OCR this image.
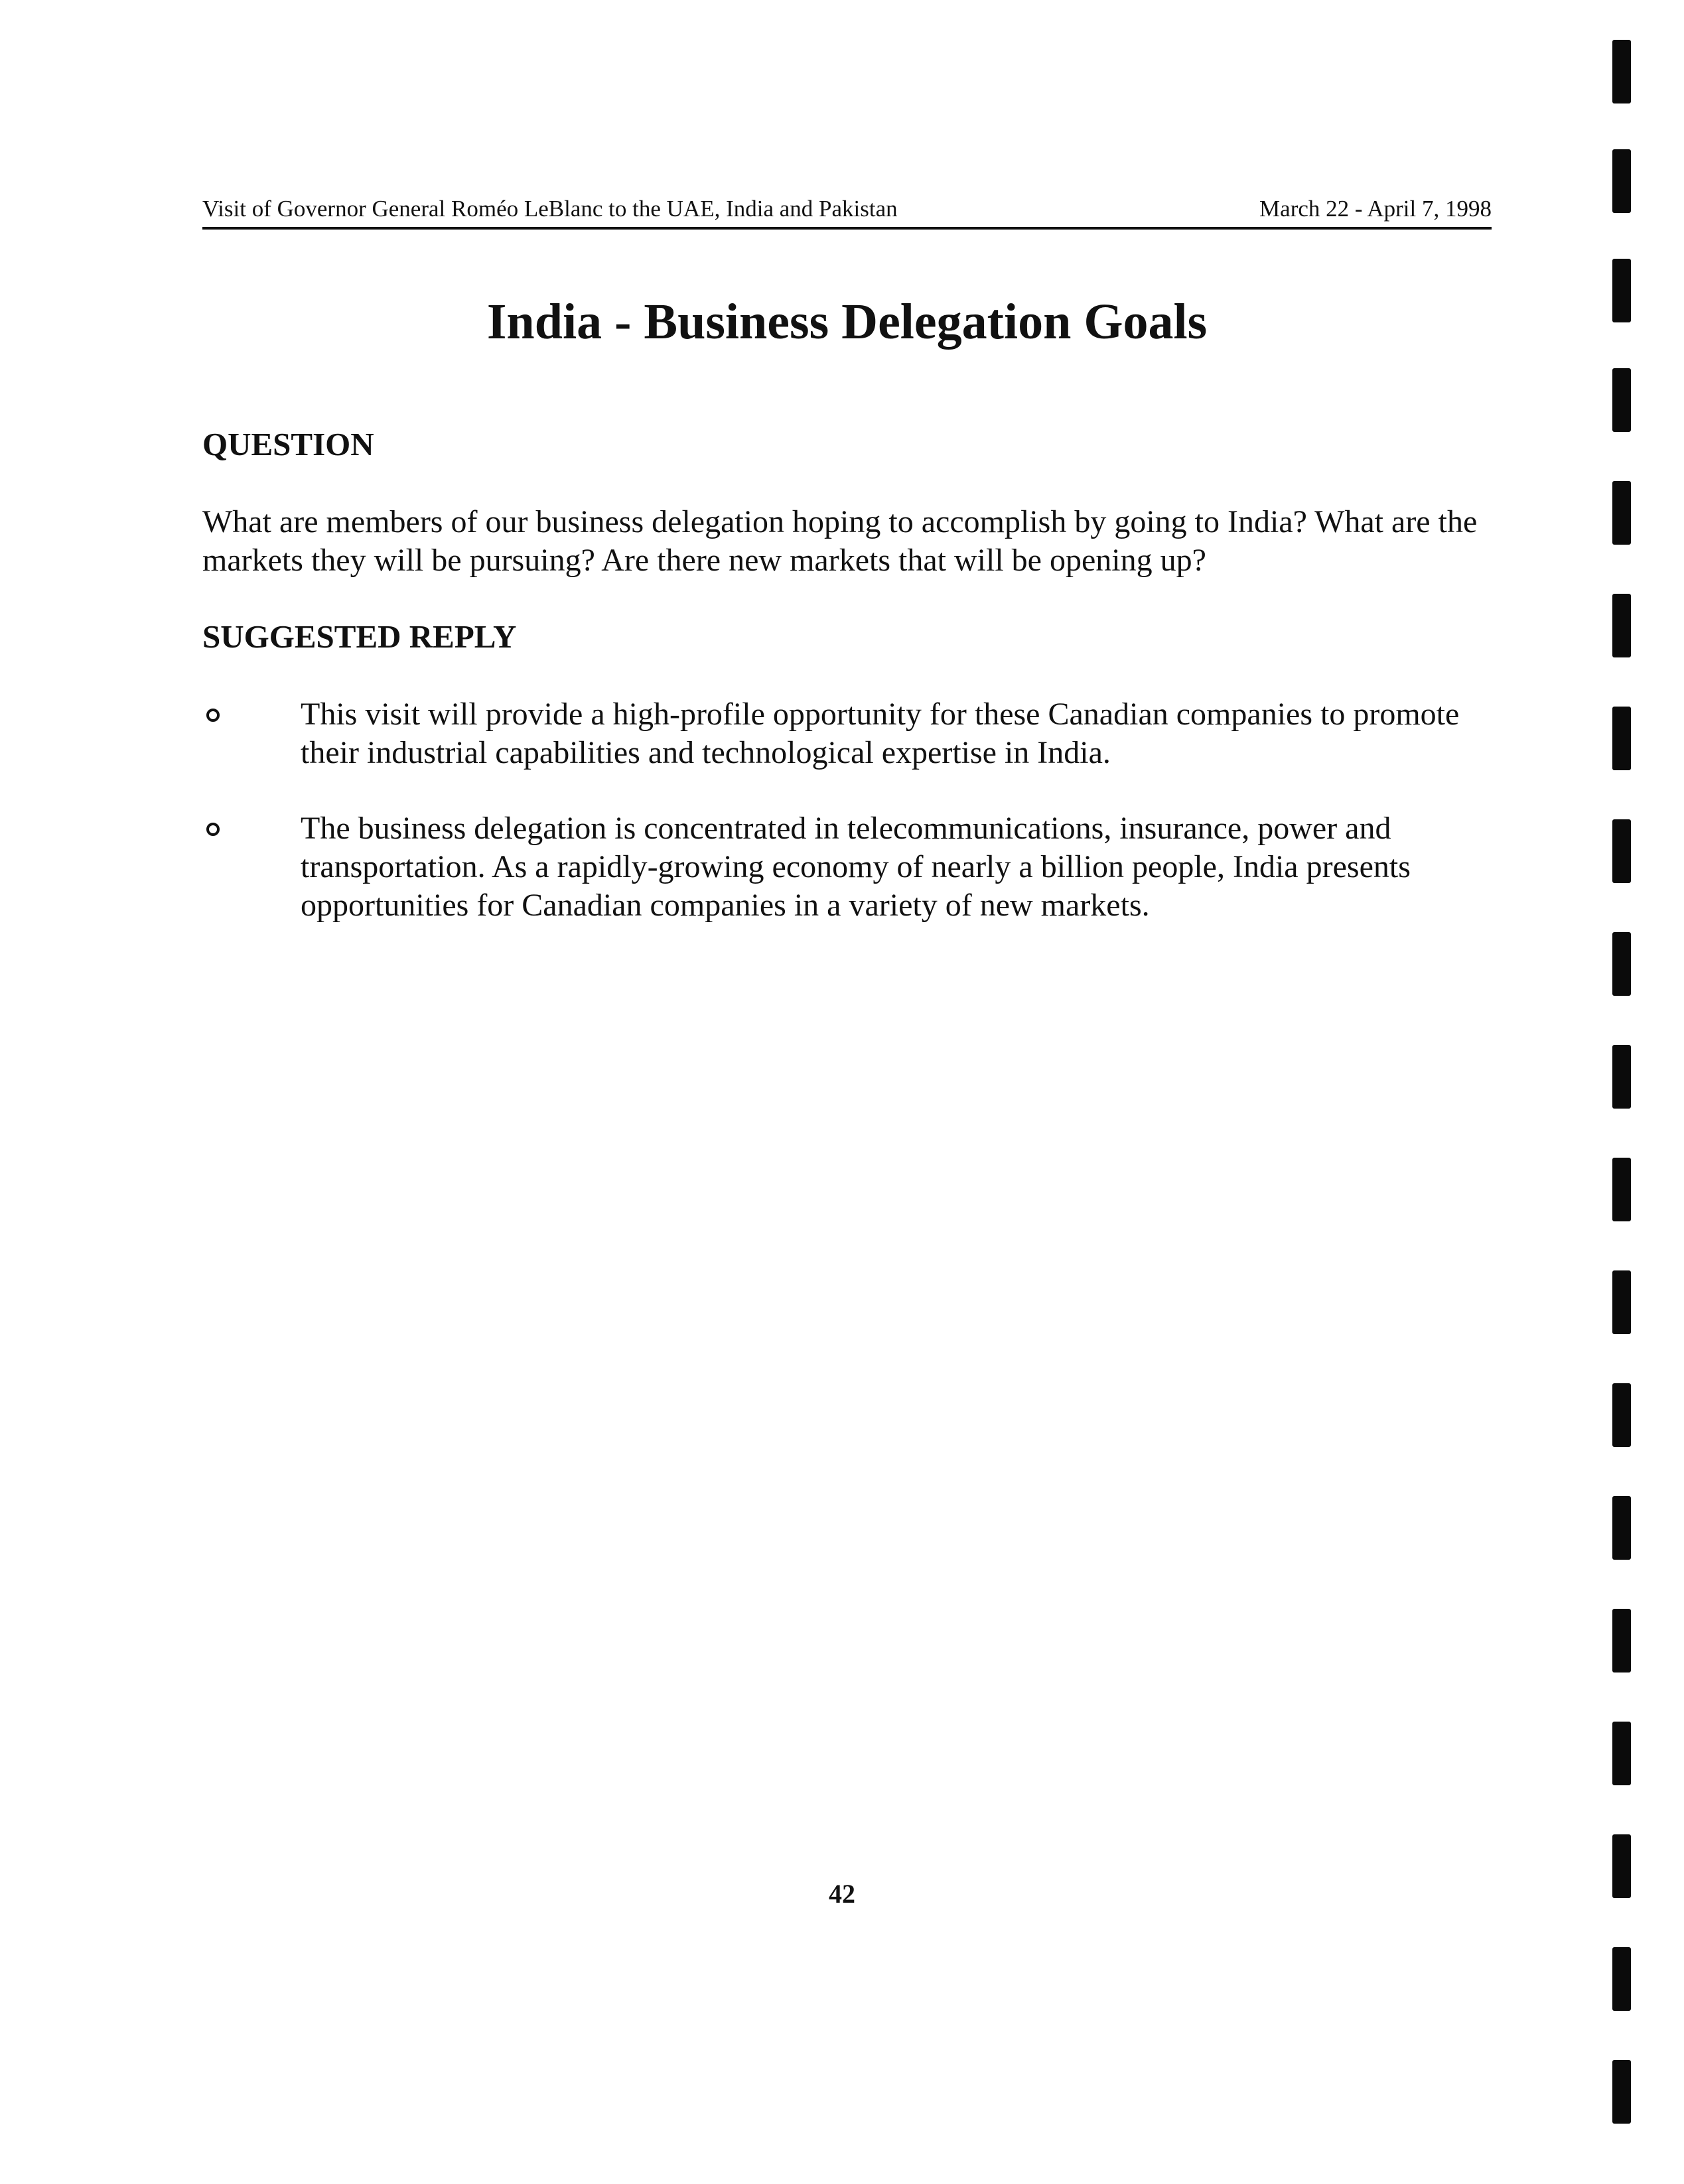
Visit of Governor General Roméo LeBlanc to the UAE, India and Pakistan	March 22 - April 7, 1998
India - Business Delegation Goals
QUESTION
What are members of our business delegation hoping to accomplish by going to India? What are the markets they will be pursuing? Are there new markets that will be opening up?
SUGGESTED REPLY
This visit will provide a high-profile opportunity for these Canadian companies to promote their industrial capabilities and technological expertise in India.
The business delegation is concentrated in telecommunications, insurance, power and transportation. As a rapidly-growing economy of nearly a billion people, India presents opportunities for Canadian companies in a variety of new markets.
42
